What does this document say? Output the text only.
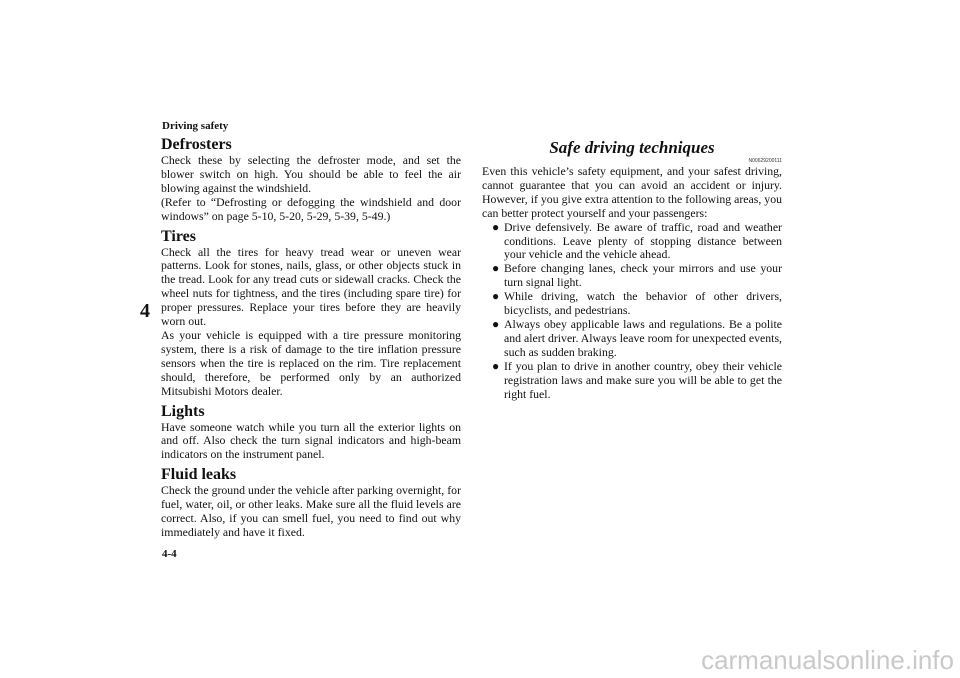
Driving safety
4
Defrosters

Check these by selecting the defroster mode, and set the blower switch on high. You should be able to feel the air blowing against the windshield.
(Refer to “Defrosting or defogging the windshield and door windows” on page 5-10, 5-20, 5-29, 5-39, 5-49.)

Tires

Check all the tires for heavy tread wear or uneven wear patterns. Look for stones, nails, glass, or other objects stuck in the tread. Look for any tread cuts or sidewall cracks. Check the wheel nuts for tightness, and the tires (including spare tire) for proper pressures. Replace your tires before they are heavily worn out.
As your vehicle is equipped with a tire pressure monitoring system, there is a risk of damage to the tire inflation pressure sensors when the tire is replaced on the rim. Tire replacement should, therefore, be performed only by an authorized Mitsubishi Motors dealer.

Lights

Have someone watch while you turn all the exterior lights on and off. Also check the turn signal indicators and high-beam indicators on the instrument panel.

Fluid leaks

Check the ground under the vehicle after parking overnight, for fuel, water, oil, or other leaks. Make sure all the fluid levels are correct. Also, if you can smell fuel, you need to find out why immediately and have it fixed.

Safe driving techniques
N00629200111

Even this vehicle’s safety equipment, and your safest driving, cannot guarantee that you can avoid an accident or injury. However, if you give extra attention to the following areas, you can better protect yourself and your passengers:

● Drive defensively. Be aware of traffic, road and weather conditions. Leave plenty of stopping distance between your vehicle and the vehicle ahead.
● Before changing lanes, check your mirrors and use your turn signal light.
● While driving, watch the behavior of other drivers, bicyclists, and pedestrians.
● Always obey applicable laws and regulations. Be a polite and alert driver. Always leave room for unexpected events, such as sudden braking.
● If you plan to drive in another country, obey their vehicle registration laws and make sure you will be able to get the right fuel.
4-4
carmanualsonline.info
